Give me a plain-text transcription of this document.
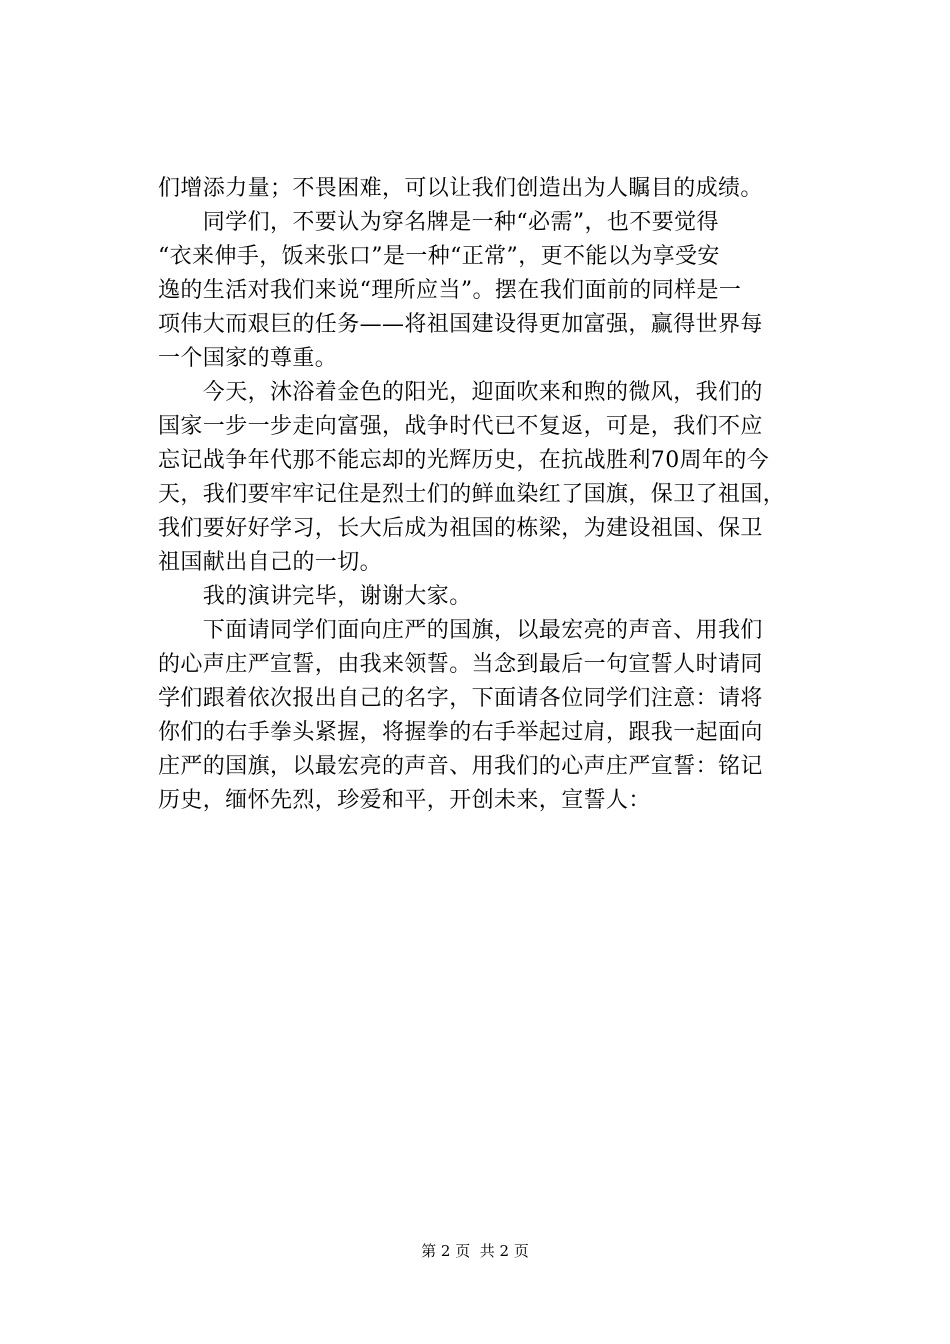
们增添力量；不畏困难，可以让我们创造出为人瞩目的成绩。
　　同学们，不要认为穿名牌是一种“必需”，也不要觉得
“衣来伸手，饭来张口”是一种“正常”，更不能以为享受安
逸的生活对我们来说“理所应当”。摆在我们面前的同样是一
项伟大而艰巨的任务——将祖国建设得更加富强，赢得世界每
一个国家的尊重。
　　今天，沐浴着金色的阳光，迎面吹来和煦的微风，我们的
国家一步一步走向富强，战争时代已不复返，可是，我们不应
忘记战争年代那不能忘却的光辉历史，在抗战胜利70周年的今
天，我们要牢牢记住是烈士们的鲜血染红了国旗，保卫了祖国，
我们要好好学习，长大后成为祖国的栋梁，为建设祖国、保卫
祖国献出自己的一切。
　　我的演讲完毕，谢谢大家。
　　下面请同学们面向庄严的国旗，以最宏亮的声音、用我们
的心声庄严宣誓，由我来领誓。当念到最后一句宣誓人时请同
学们跟着依次报出自己的名字，下面请各位同学们注意：请将
你们的右手拳头紧握，将握拳的右手举起过肩，跟我一起面向
庄严的国旗，以最宏亮的声音、用我们的心声庄严宣誓：铭记
历史，缅怀先烈，珍爱和平，开创未来，宣誓人：
第 2 页  共 2 页
